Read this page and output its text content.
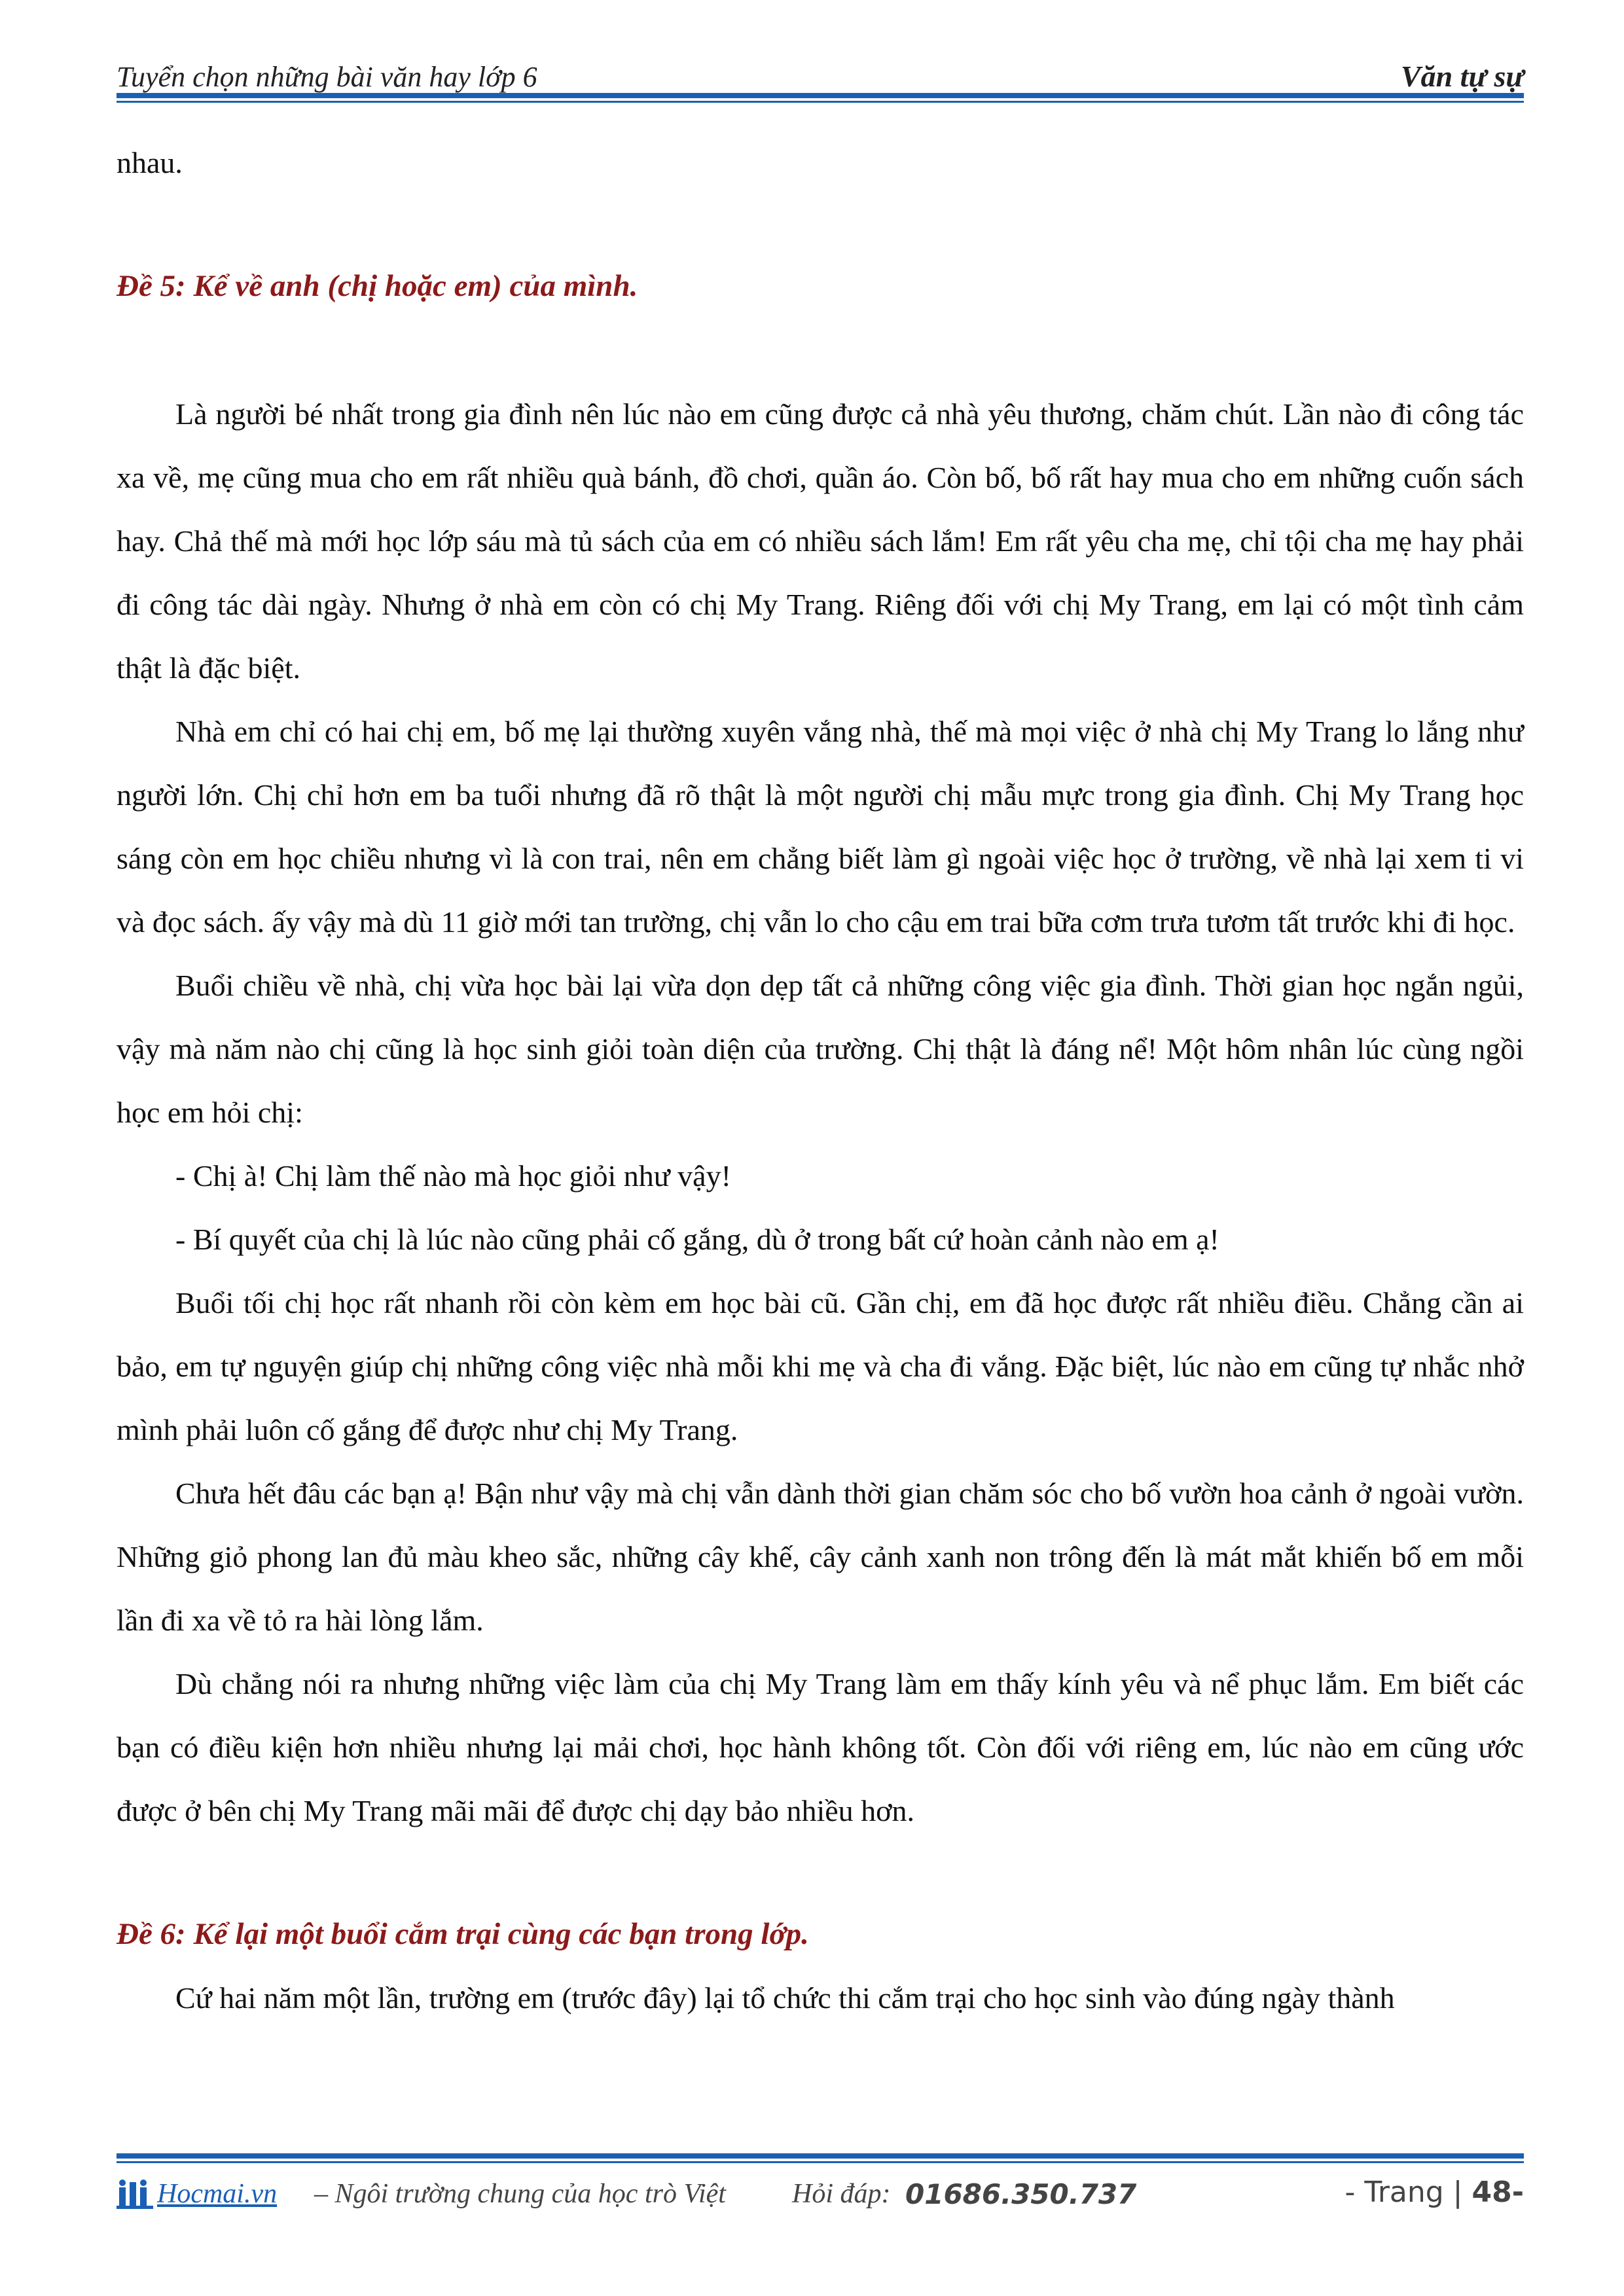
Tuyển chọn những bài văn hay lớp 6	Văn tự sự

nhau.

Đề 5: Kể về anh (chị hoặc em) của mình.

Là người bé nhất trong gia đình nên lúc nào em cũng được cả nhà yêu thương, chăm chút. Lần nào đi công tác xa về, mẹ cũng mua cho em rất nhiều quà bánh, đồ chơi, quần áo. Còn bố, bố rất hay mua cho em những cuốn sách hay. Chả thế mà mới học lớp sáu mà tủ sách của em có nhiều sách lắm! Em rất yêu cha mẹ, chỉ tội cha mẹ hay phải đi công tác dài ngày. Nhưng ở nhà em còn có chị My Trang. Riêng đối với chị My Trang, em lại có một tình cảm thật là đặc biệt.

Nhà em chỉ có hai chị em, bố mẹ lại thường xuyên vắng nhà, thế mà mọi việc ở nhà chị My Trang lo lắng như người lớn. Chị chỉ hơn em ba tuổi nhưng đã rõ thật là một người chị mẫu mực trong gia đình. Chị My Trang học sáng còn em học chiều nhưng vì là con trai, nên em chẳng biết làm gì ngoài việc học ở trường, về nhà lại xem ti vi và đọc sách. ấy vậy mà dù 11 giờ mới tan trường, chị vẫn lo cho cậu em trai bữa cơm trưa tươm tất trước khi đi học.

Buổi chiều về nhà, chị vừa học bài lại vừa dọn dẹp tất cả những công việc gia đình. Thời gian học ngắn ngủi, vậy mà năm nào chị cũng là học sinh giỏi toàn diện của trường. Chị thật là đáng nể! Một hôm nhân lúc cùng ngồi học em hỏi chị:

- Chị à! Chị làm thế nào mà học giỏi như vậy!

- Bí quyết của chị là lúc nào cũng phải cố gắng, dù ở trong bất cứ hoàn cảnh nào em ạ!

Buổi tối chị học rất nhanh rồi còn kèm em học bài cũ. Gần chị, em đã học được rất nhiều điều. Chẳng cần ai bảo, em tự nguyện giúp chị những công việc nhà mỗi khi mẹ và cha đi vắng. Đặc biệt, lúc nào em cũng tự nhắc nhở mình phải luôn cố gắng để được như chị My Trang.

Chưa hết đâu các bạn ạ! Bận như vậy mà chị vẫn dành thời gian chăm sóc cho bố vườn hoa cảnh ở ngoài vườn. Những giỏ phong lan đủ màu kheo sắc, những cây khế, cây cảnh xanh non trông đến là mát mắt khiến bố em mỗi lần đi xa về tỏ ra hài lòng lắm.

Dù chẳng nói ra nhưng những việc làm của chị My Trang làm em thấy kính yêu và nể phục lắm. Em biết các bạn có điều kiện hơn nhiều nhưng lại mải chơi, học hành không tốt. Còn đối với riêng em, lúc nào em cũng ước được ở bên chị My Trang mãi mãi để được chị dạy bảo nhiều hơn.

Đề 6: Kể lại một buổi cắm trại cùng các bạn trong lớp.

Cứ hai năm một lần, trường em (trước đây) lại tổ chức thi cắm trại cho học sinh vào đúng ngày thành

Hocmai.vn – Ngôi trường chung của học trò Việt Hỏi đáp: 01686.350.737	- Trang | 48-
